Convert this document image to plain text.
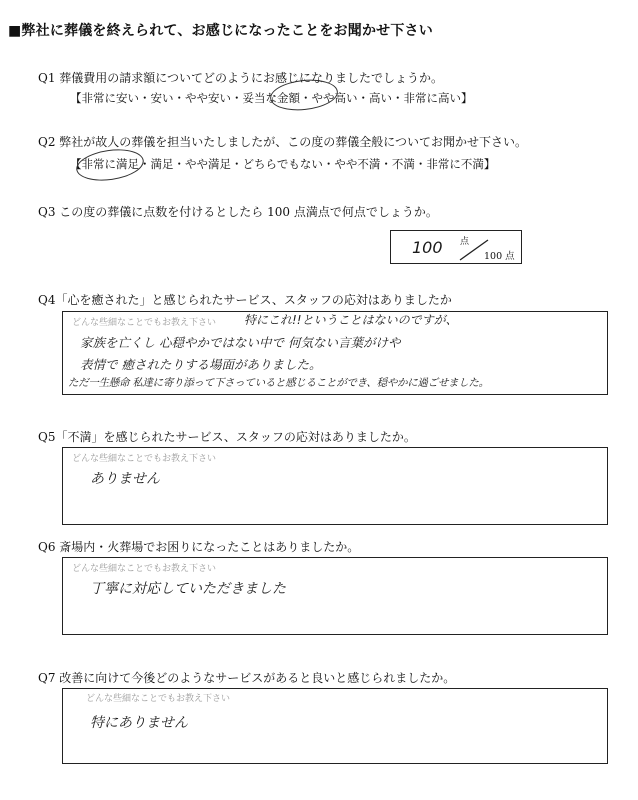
■弊社に葬儀を終えられて、お感じになったことをお聞かせ下さい
Q1 葬儀費用の請求額についてどのようにお感じになりましたでしょうか。
【非常に安い・安い・やや安い・妥当な金額・やや高い・高い・非常に高い】
Q2 弊社が故人の葬儀を担当いたしましたが、この度の葬儀全般についてお聞かせ下さい。
【非常に満足・満足・やや満足・どちらでもない・やや不満・不満・非常に不満】
Q3 この度の葬儀に点数を付けるとしたら 100 点満点で何点でしょうか。
100 点
100 点
Q4「心を癒された」と感じられたサービス、スタッフの応対はありましたか
どんな些細なことでもお教え下さい 特にこれ!!ということはないのですが、
家族を亡くし 心穏やかではない中で 何気ない言葉がけや
表情で 癒されたりする場面がありました。
ただ一生懸命 私達に寄り添って下さっていると感じることができ、穏やかに過ごせました。
Q5「不満」を感じられたサービス、スタッフの応対はありましたか。
どんな些細なことでもお教え下さい
ありません
Q6 斎場内・火葬場でお困りになったことはありましたか。
どんな些細なことでもお教え下さい
丁寧に対応していただきました
Q7 改善に向けて今後どのようなサービスがあると良いと感じられましたか。
どんな些細なことでもお教え下さい
特にありません
